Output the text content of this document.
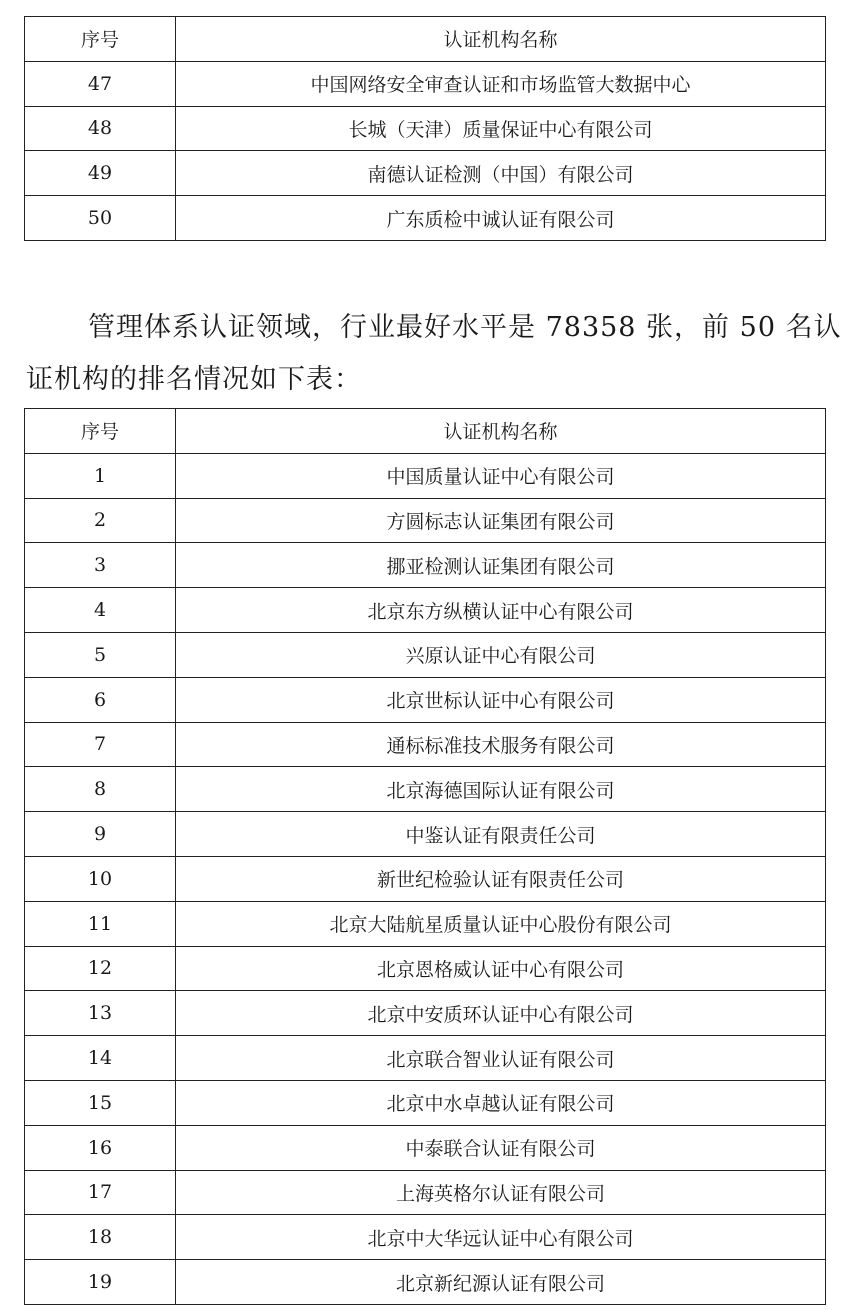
序号	认证机构名称
47	中国网络安全审查认证和市场监管大数据中心
48	长城（天津）质量保证中心有限公司
49	南德认证检测（中国）有限公司
50	广东质检中诚认证有限公司
管理体系认证领域，行业最好水平是 78358 张，前 50 名认证机构的排名情况如下表：
序号	认证机构名称
1	中国质量认证中心有限公司
2	方圆标志认证集团有限公司
3	挪亚检测认证集团有限公司
4	北京东方纵横认证中心有限公司
5	兴原认证中心有限公司
6	北京世标认证中心有限公司
7	通标标准技术服务有限公司
8	北京海德国际认证有限公司
9	中鉴认证有限责任公司
10	新世纪检验认证有限责任公司
11	北京大陆航星质量认证中心股份有限公司
12	北京恩格威认证中心有限公司
13	北京中安质环认证中心有限公司
14	北京联合智业认证有限公司
15	北京中水卓越认证有限公司
16	中泰联合认证有限公司
17	上海英格尔认证有限公司
18	北京中大华远认证中心有限公司
19	北京新纪源认证有限公司
